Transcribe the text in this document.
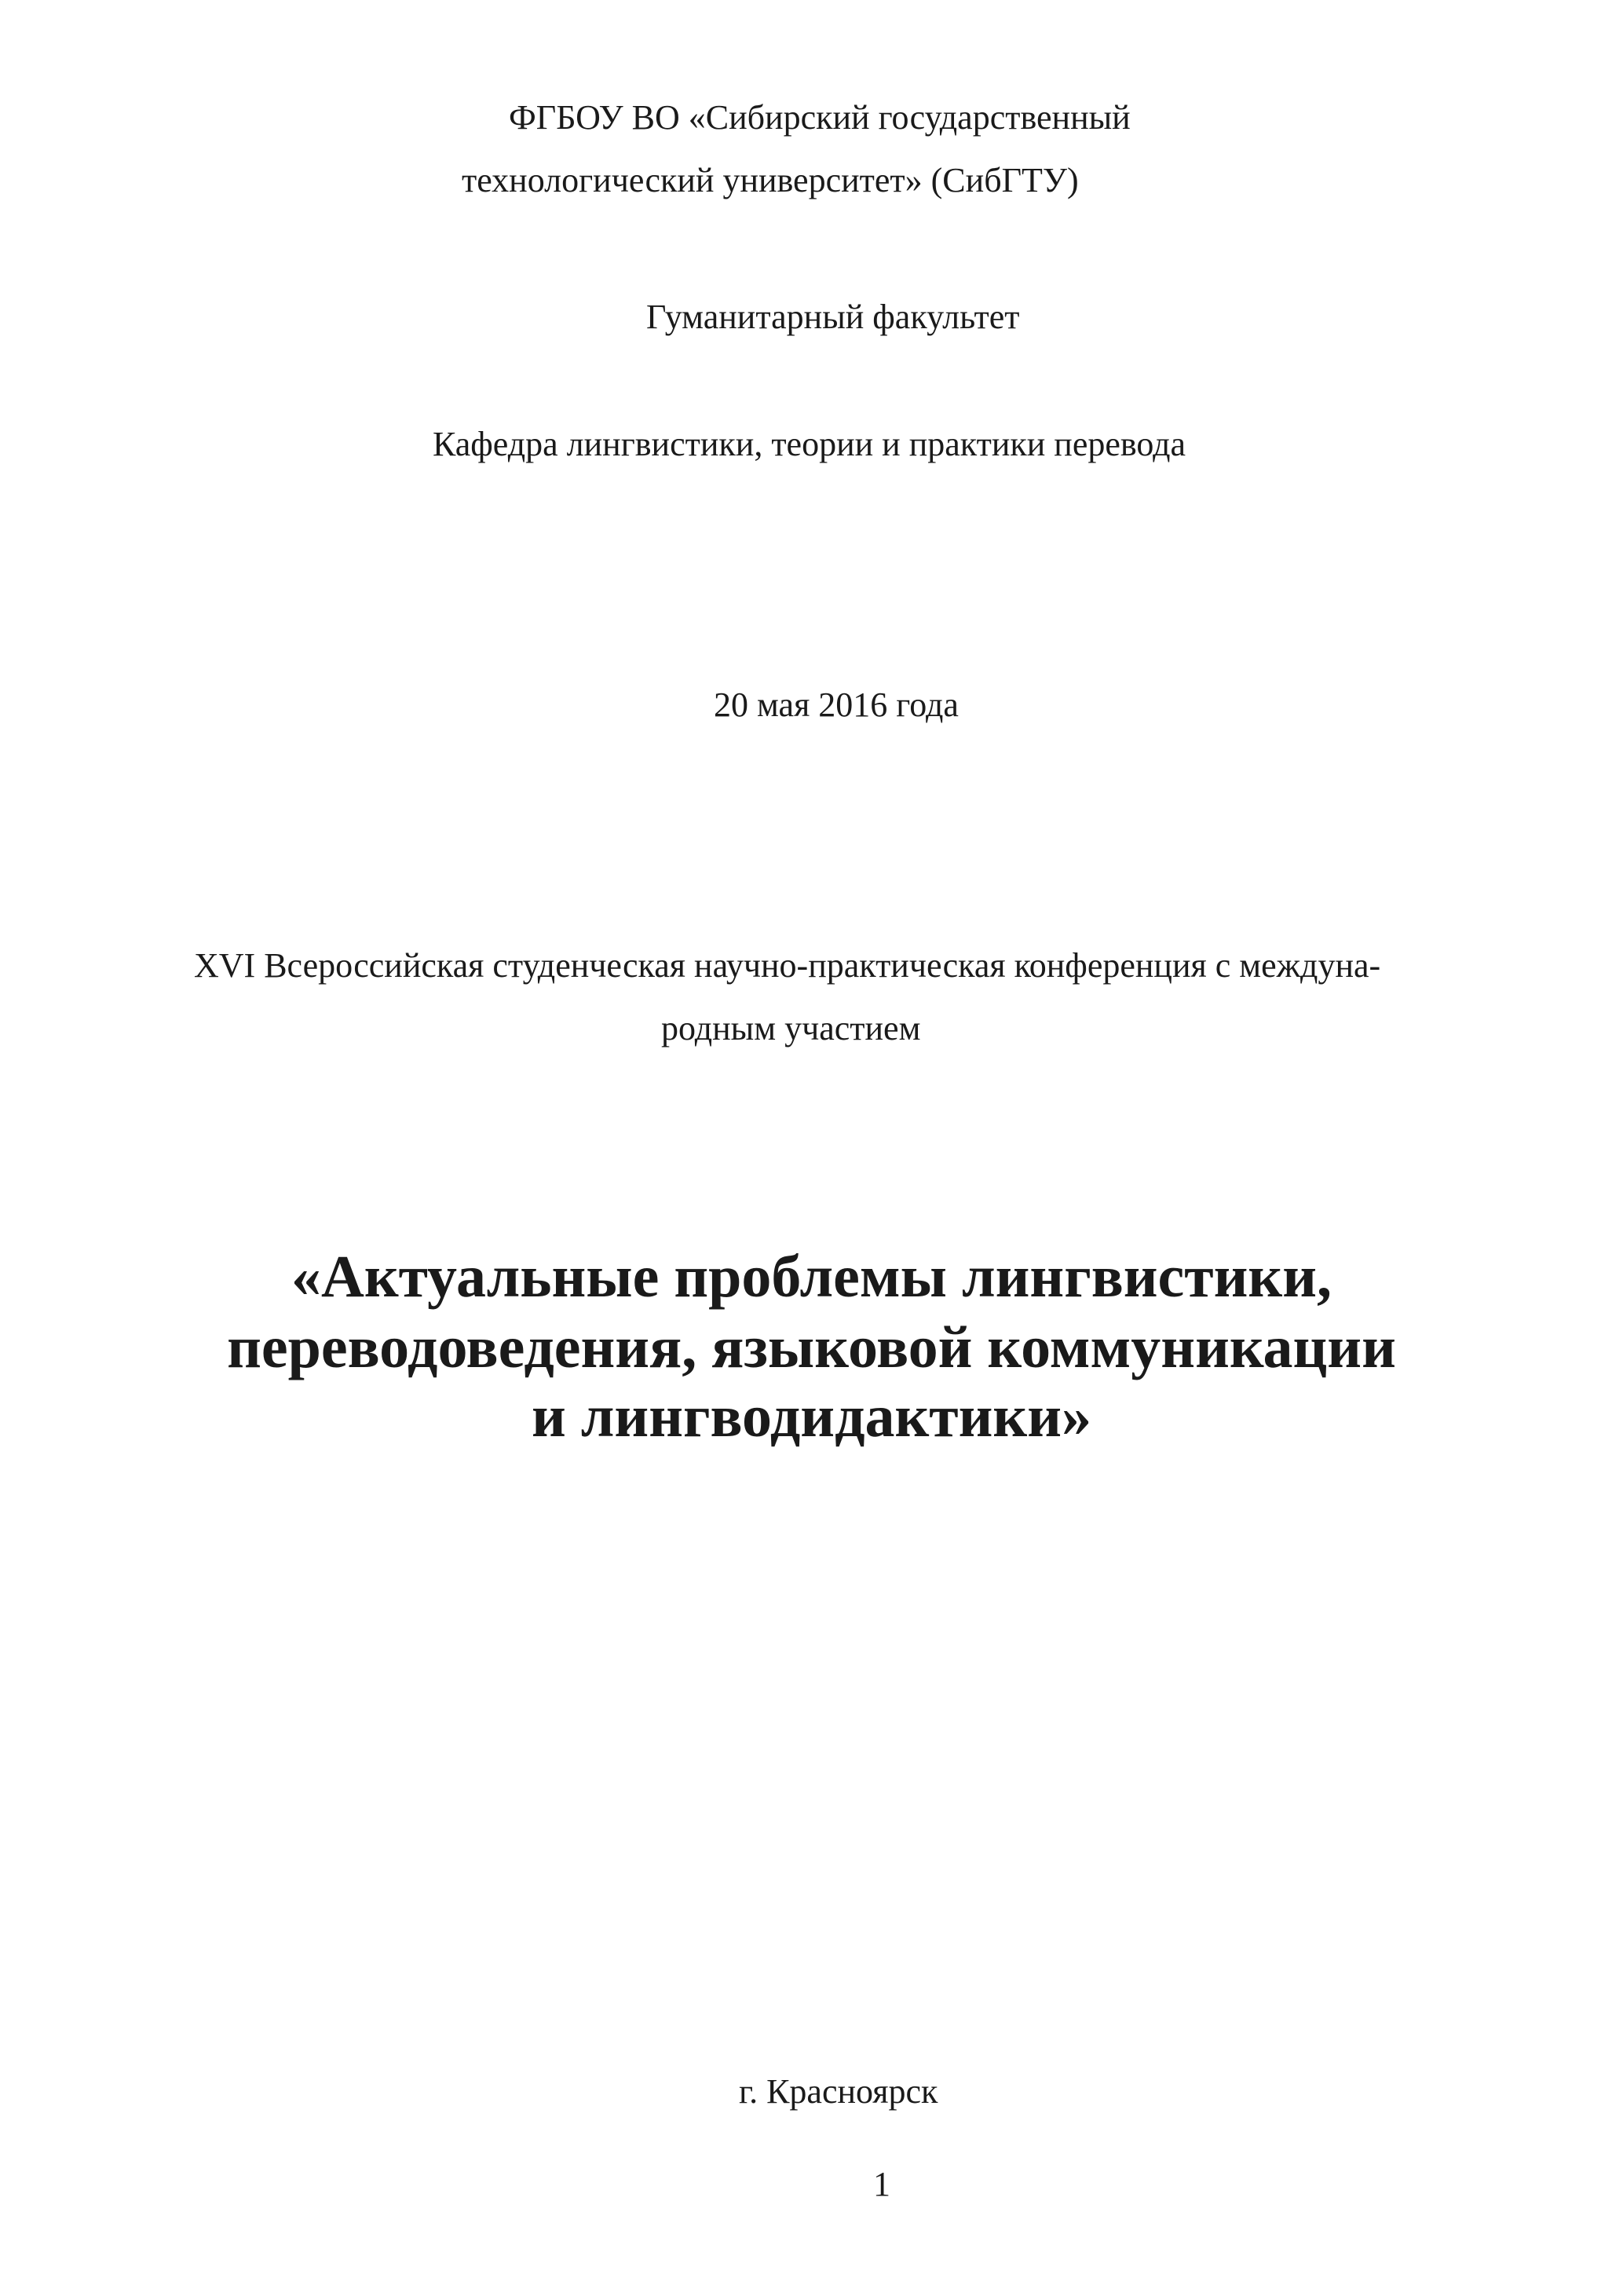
ФГБОУ ВО «Сибирский государственный
технологический университет» (СибГТУ)
Гуманитарный факультет
Кафедра лингвистики, теории и практики перевода
20 мая 2016 года
XVI Всероссийская студенческая научно-практическая конференция с междуна-
родным участием
«Актуальные проблемы лингвистики,
переводоведения, языковой коммуникации
и лингводидактики»
г. Красноярск
1
